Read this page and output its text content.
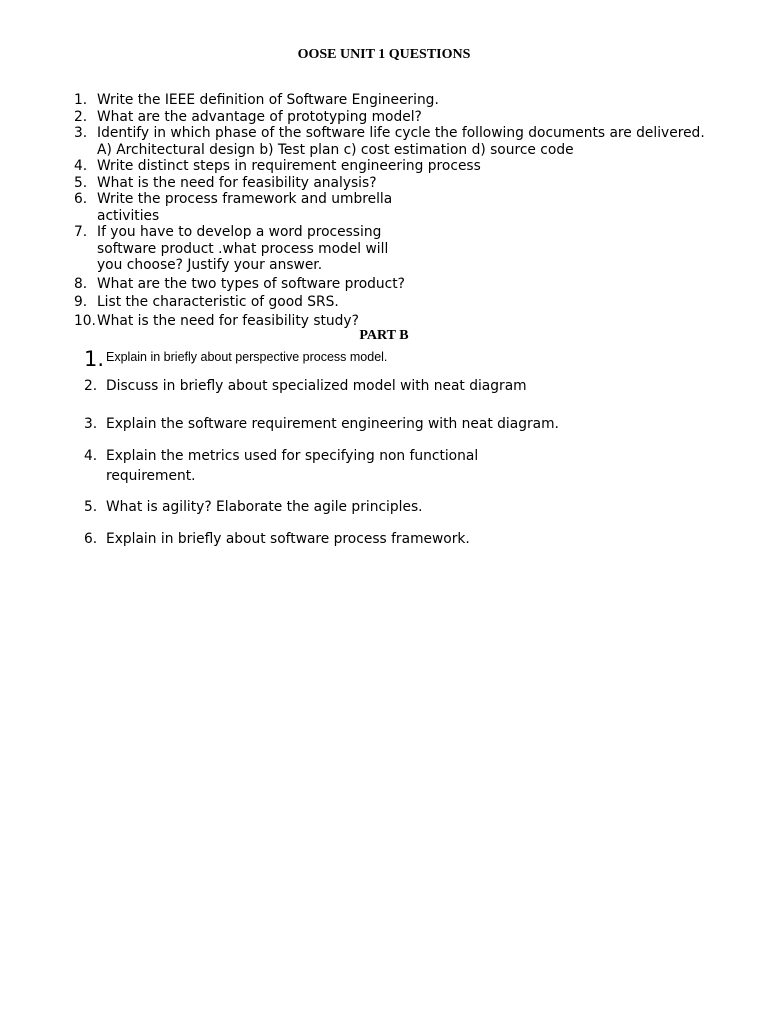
OOSE UNIT 1 QUESTIONS
1. Write the IEEE definition of Software Engineering.
2. What are the advantage of prototyping model?
3. Identify in which phase of the software life cycle the following documents are delivered.
A) Architectural design b) Test plan c) cost estimation d) source code
4. Write distinct steps in requirement engineering process
5. What is the need for feasibility analysis?
6. Write the process framework and umbrella activities
7. If you have to develop a word processing software product .what process model will you choose? Justify your answer.
8. What are the two types of software product?
9. List the characteristic of good SRS.
10. What is the need for feasibility study?
PART B
1. Explain in briefly about perspective process model.
2. Discuss in briefly about specialized model with neat diagram
3. Explain the software requirement engineering with neat diagram.
4. Explain the metrics used for specifying non functional requirement.
5. What is agility? Elaborate the agile principles.
6. Explain in briefly about software process framework.
